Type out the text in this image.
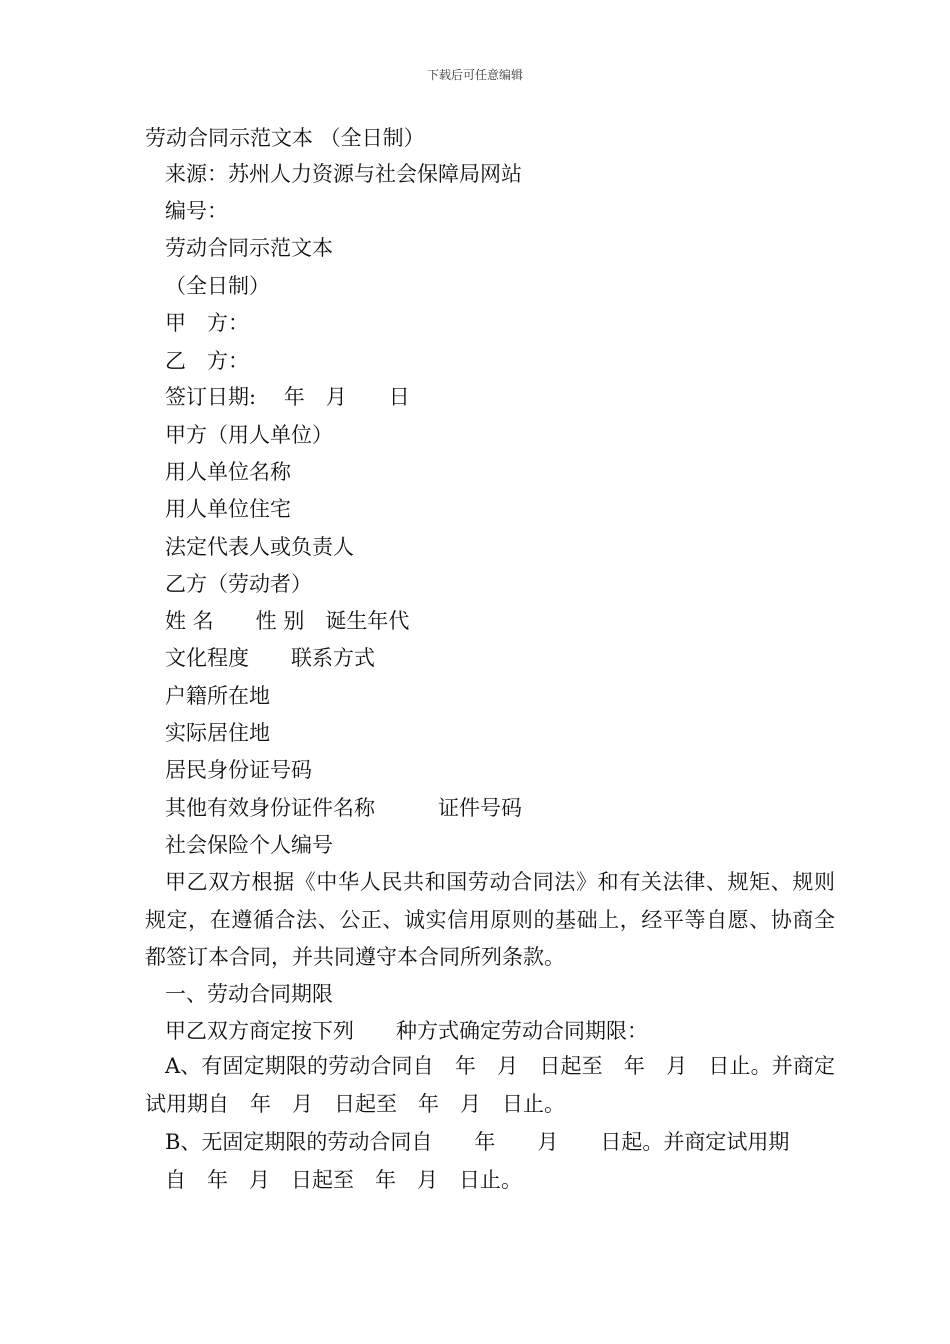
下载后可任意编辑
劳动合同示范文本 （全日制）
来源：苏州人力资源与社会保障局网站
编号：
劳动合同示范文本
（全日制）
甲　方：
乙　方：
签订日期:　 年　月　　日
甲方（用人单位）
用人单位名称
用人单位住宅
法定代表人或负责人
乙方（劳动者）
姓 名　　性 别　诞生年代
文化程度　　联系方式
户籍所在地
实际居住地
居民身份证号码
其他有效身份证件名称　　　证件号码
社会保险个人编号
甲乙双方根据《中华人民共和国劳动合同法》和有关法律、规矩、规则规定，在遵循合法、公正、诚实信用原则的基础上，经平等自愿、协商全都签订本合同，并共同遵守本合同所列条款。
一、劳动合同期限
甲乙双方商定按下列　　种方式确定劳动合同期限：
A、有固定期限的劳动合同自　年　月　日起至　年　月　日止。并商定试用期自　年　月　日起至　年　月　日止。
B、无固定期限的劳动合同自　　年　　月　　日起。并商定试用期
自　年　月　日起至　年　月　日止。
